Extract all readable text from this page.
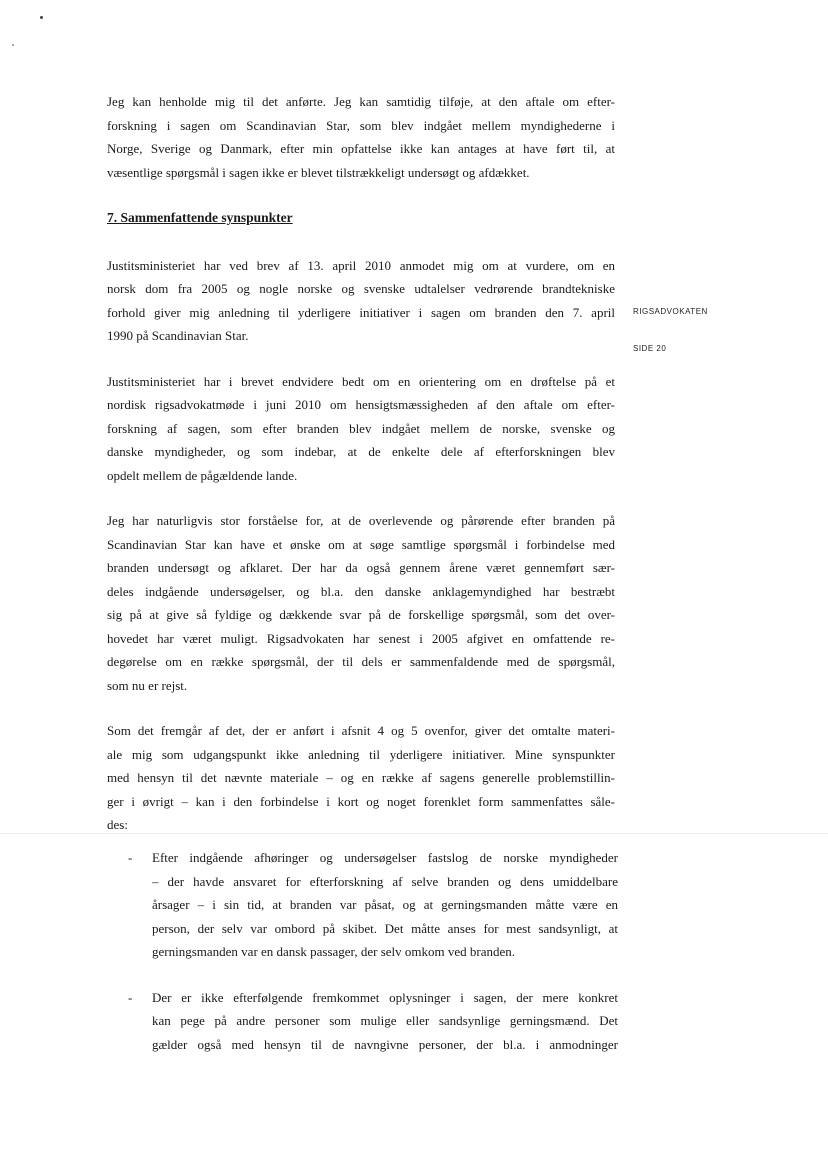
RIGSADVOKATEN
SIDE 20

Jeg kan henholde mig til det anførte. Jeg kan samtidig tilføje, at den aftale om efter-
forskning i sagen om Scandinavian Star, som blev indgået mellem myndighederne i
Norge, Sverige og Danmark, efter min opfattelse ikke kan antages at have ført til, at
væsentlige spørgsmål i sagen ikke er blevet tilstrækkeligt undersøgt og afdækket.

7. Sammenfattende synspunkter

Justitsministeriet har ved brev af 13. april 2010 anmodet mig om at vurdere, om en
norsk dom fra 2005 og nogle norske og svenske udtalelser vedrørende brandtekniske
forhold giver mig anledning til yderligere initiativer i sagen om branden den 7. april
1990 på Scandinavian Star.

Justitsministeriet har i brevet endvidere bedt om en orientering om en drøftelse på et
nordisk rigsadvokatmøde i juni 2010 om hensigtsmæssigheden af den aftale om efter-
forskning af sagen, som efter branden blev indgået mellem de norske, svenske og
danske myndigheder, og som indebar, at de enkelte dele af efterforskningen blev
opdelt mellem de pågældende lande.

Jeg har naturligvis stor forståelse for, at de overlevende og pårørende efter branden på
Scandinavian Star kan have et ønske om at søge samtlige spørgsmål i forbindelse med
branden undersøgt og afklaret. Der har da også gennem årene været gennemført sær-
deles indgående undersøgelser, og bl.a. den danske anklagemyndighed har bestræbt
sig på at give så fyldige og dækkende svar på de forskellige spørgsmål, som det over-
hovedet har været muligt. Rigsadvokaten har senest i 2005 afgivet en omfattende re-
degørelse om en række spørgsmål, der til dels er sammenfaldende med de spørgsmål,
som nu er rejst.

Som det fremgår af det, der er anført i afsnit 4 og 5 ovenfor, giver det omtalte materi-
ale mig som udgangspunkt ikke anledning til yderligere initiativer. Mine synspunkter
med hensyn til det nævnte materiale – og en række af sagens generelle problemstillin-
ger i øvrigt – kan i den forbindelse i kort og noget forenklet form sammenfattes såle-
des:

- Efter indgående afhøringer og undersøgelser fastslog de norske myndigheder
– der havde ansvaret for efterforskning af selve branden og dens umiddelbare
årsager – i sin tid, at branden var påsat, og at gerningsmanden måtte være en
person, der selv var ombord på skibet. Det måtte anses for mest sandsynligt, at
gerningsmanden var en dansk passager, der selv omkom ved branden.
- Der er ikke efterfølgende fremkommet oplysninger i sagen, der mere konkret
kan pege på andre personer som mulige eller sandsynlige gerningsmænd. Det
gælder også med hensyn til de navngivne personer, der bl.a. i anmodninger
